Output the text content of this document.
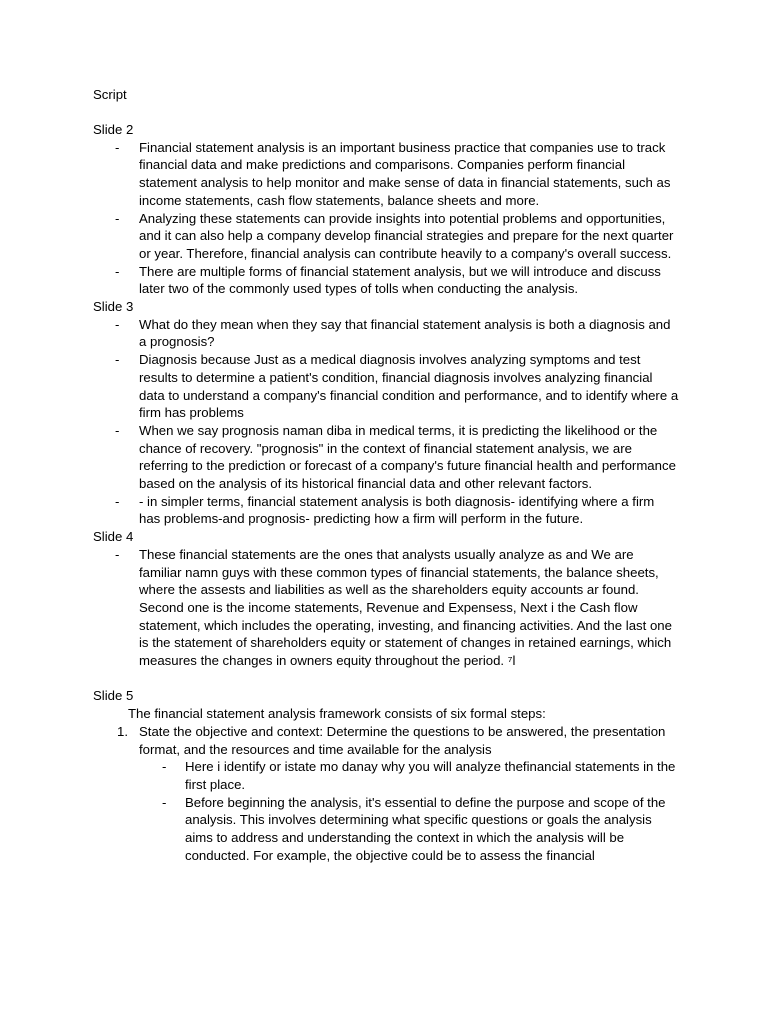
Script
Slide 2
- Financial statement analysis is an important business practice that companies use to track financial data and make predictions and comparisons. Companies perform financial statement analysis to help monitor and make sense of data in financial statements, such as income statements, cash flow statements, balance sheets and more.
- Analyzing these statements can provide insights into potential problems and opportunities, and it can also help a company develop financial strategies and prepare for the next quarter or year. Therefore, financial analysis can contribute heavily to a company's overall success.
- There are multiple forms of financial statement analysis, but we will introduce and discuss later two of the commonly used types of tolls when conducting the analysis.
Slide 3
- What do they mean when they say that financial statement analysis is both a diagnosis and a prognosis?
- Diagnosis because Just as a medical diagnosis involves analyzing symptoms and test results to determine a patient's condition, financial diagnosis involves analyzing financial data to understand a company's financial condition and performance, and to identify where a firm has problems
- When we say prognosis naman diba in medical terms, it is predicting the likelihood or the chance of recovery. "prognosis" in the context of financial statement analysis, we are referring to the prediction or forecast of a company's future financial health and performance based on the analysis of its historical financial data and other relevant factors.
- - in simpler terms, financial statement analysis is both diagnosis- identifying where a firm has problems-and prognosis- predicting how a firm will perform in the future.
Slide 4
- These financial statements are the ones that analysts usually analyze as and We are familiar namn guys with these common types of financial statements, the balance sheets, where the assests and liabilities as well as the shareholders equity accounts ar found. Second one is the income statements, Revenue and Expensess, Next i the Cash flow statement, which includes the operating, investing, and financing activities. And the last one is the statement of shareholders equity or statement of changes in retained earnings, which measures the changes in owners equity throughout the period. ⁷l
Slide 5
The financial statement analysis framework consists of six formal steps:
1. State the objective and context: Determine the questions to be answered, the presentation format, and the resources and time available for the analysis
- Here i identify or istate mo danay why you will analyze thefinancial statements in the first place.
- Before beginning the analysis, it's essential to define the purpose and scope of the analysis. This involves determining what specific questions or goals the analysis aims to address and understanding the context in which the analysis will be conducted. For example, the objective could be to assess the financial
